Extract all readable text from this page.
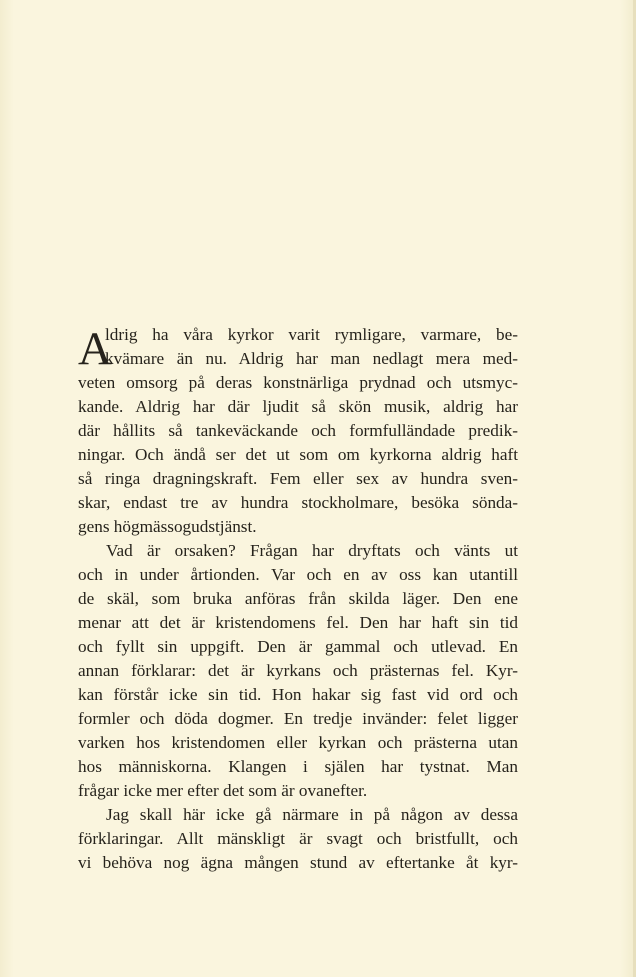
A
ldrig ha våra kyrkor varit rymligare, varmare, be-
kvämare än nu. Aldrig har man nedlagt mera med-
veten omsorg på deras konstnärliga prydnad och utsmyc-
kande. Aldrig har där ljudit så skön musik, aldrig har
där hållits så tankeväckande och formfulländade predik-
ningar. Och ändå ser det ut som om kyrkorna aldrig haft
så ringa dragningskraft. Fem eller sex av hundra sven-
skar, endast tre av hundra stockholmare, besöka sönda-
gens högmässogudstjänst.
Vad är orsaken? Frågan har dryftats och vänts ut
och in under årtionden. Var och en av oss kan utantill
de skäl, som bruka anföras från skilda läger. Den ene
menar att det är kristendomens fel. Den har haft sin tid
och fyllt sin uppgift. Den är gammal och utlevad. En
annan förklarar: det är kyrkans och prästernas fel. Kyr-
kan förstår icke sin tid. Hon hakar sig fast vid ord och
formler och döda dogmer. En tredje invänder: felet ligger
varken hos kristendomen eller kyrkan och prästerna utan
hos människorna. Klangen i själen har tystnat. Man
frågar icke mer efter det som är ovanefter.
Jag skall här icke gå närmare in på någon av dessa
förklaringar. Allt mänskligt är svagt och bristfullt, och
vi behöva nog ägna mången stund av eftertanke åt kyr-
